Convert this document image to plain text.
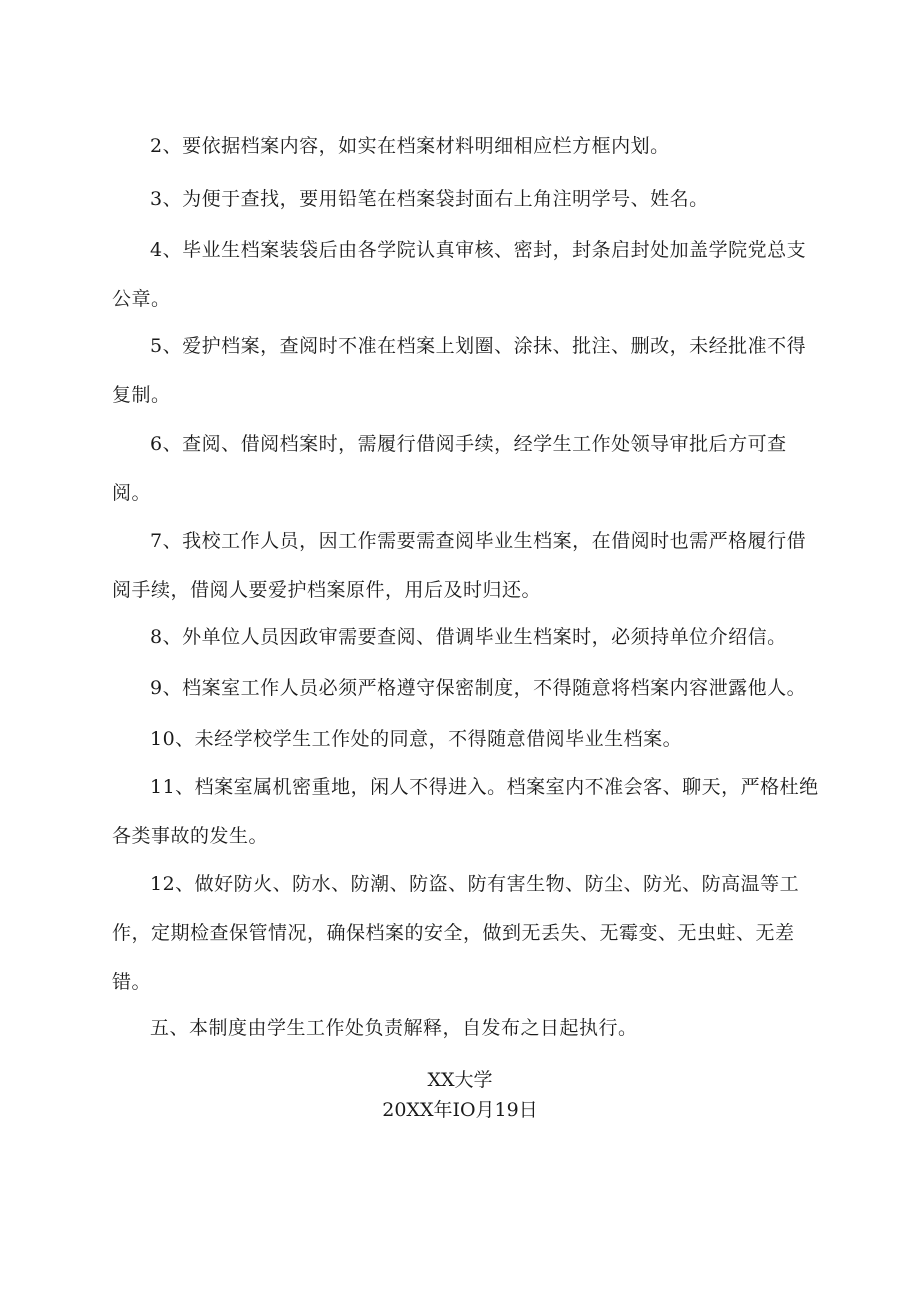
2、要依据档案内容，如实在档案材料明细相应栏方框内划。

3、为便于查找，要用铅笔在档案袋封面右上角注明学号、姓名。

4、毕业生档案装袋后由各学院认真审核、密封，封条启封处加盖学院党总支公章。

5、爱护档案，查阅时不准在档案上划圈、涂抹、批注、删改，未经批准不得复制。

6、查阅、借阅档案时，需履行借阅手续，经学生工作处领导审批后方可查阅。

7、我校工作人员，因工作需要需查阅毕业生档案，在借阅时也需严格履行借阅手续，借阅人要爱护档案原件，用后及时归还。

8、外单位人员因政审需要查阅、借调毕业生档案时，必须持单位介绍信。

9、档案室工作人员必须严格遵守保密制度，不得随意将档案内容泄露他人。

10、未经学校学生工作处的同意，不得随意借阅毕业生档案。

11、档案室属机密重地，闲人不得进入。档案室内不准会客、聊天，严格杜绝各类事故的发生。

12、做好防火、防水、防潮、防盗、防有害生物、防尘、防光、防高温等工作，定期检查保管情况，确保档案的安全，做到无丢失、无霉变、无虫蛀、无差错。

五、本制度由学生工作处负责解释，自发布之日起执行。

XX大学

20XX年IO月19日
